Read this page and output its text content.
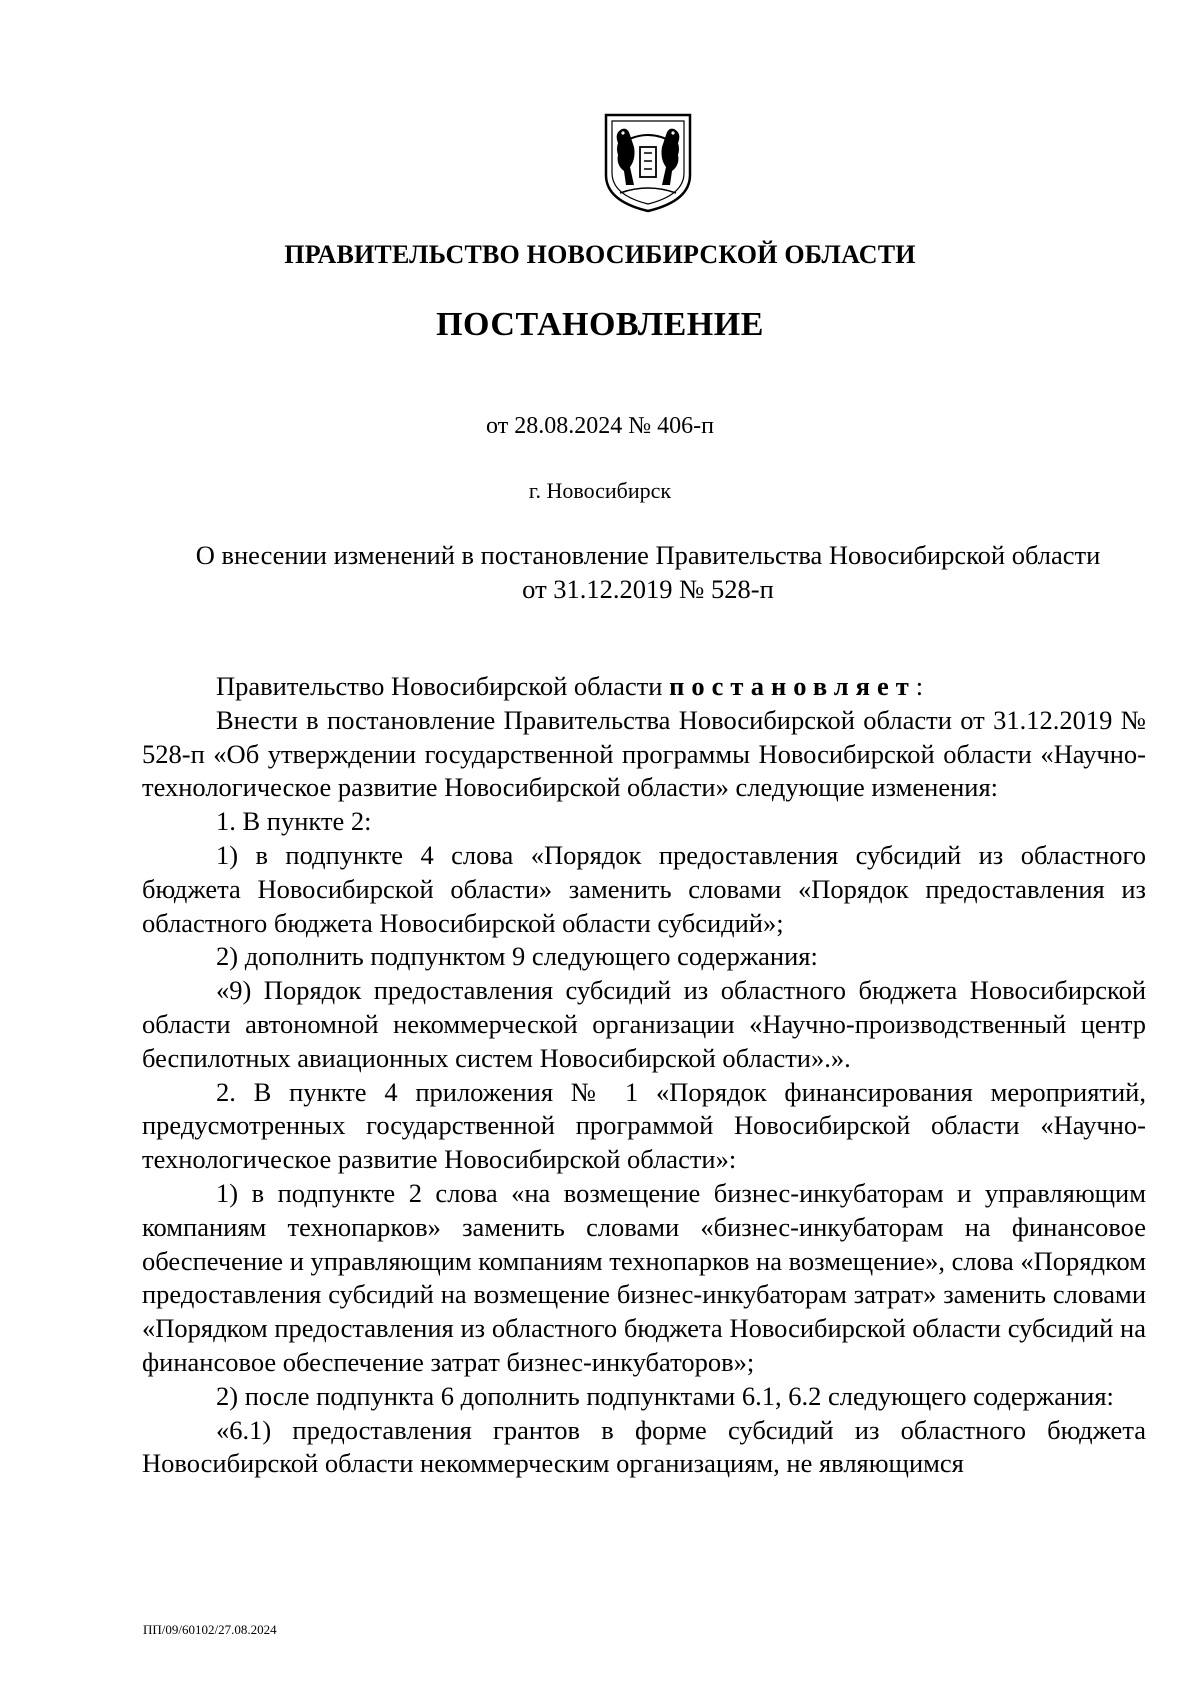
ПРАВИТЕЛЬСТВО НОВОСИБИРСКОЙ ОБЛАСТИ
ПОСТАНОВЛЕНИЕ
от 28.08.2024 № 406-п
г. Новосибирск
О внесении изменений в постановление Правительства Новосибирской области
от 31.12.2019 № 528-п

Правительство Новосибирской области постановляет:

Внести в постановление Правительства Новосибирской области от 31.12.2019 № 528-п «Об утверждении государственной программы Новосибирской области «Научно-технологическое развитие Новосибирской области» следующие изменения:

1. В пункте 2:

1) в подпункте 4 слова «Порядок предоставления субсидий из областного бюджета Новосибирской области» заменить словами «Порядок предоставления из областного бюджета Новосибирской области субсидий»;

2) дополнить подпунктом 9 следующего содержания:

«9) Порядок предоставления субсидий из областного бюджета Новосибирской области автономной некоммерческой организации «Научно-производственный центр беспилотных авиационных систем Новосибирской области».».

2. В пункте 4 приложения № 1 «Порядок финансирования мероприятий, предусмотренных государственной программой Новосибирской области «Научно-технологическое развитие Новосибирской области»:

1) в подпункте 2 слова «на возмещение бизнес-инкубаторам и управляющим компаниям технопарков» заменить словами «бизнес-инкубаторам на финансовое обеспечение и управляющим компаниям технопарков на возмещение», слова «Порядком предоставления субсидий на возмещение бизнес-инкубаторам затрат» заменить словами «Порядком предоставления из областного бюджета Новосибирской области субсидий на финансовое обеспечение затрат бизнес-инкубаторов»;

2) после подпункта 6 дополнить подпунктами 6.1, 6.2 следующего содержания:

«6.1) предоставления грантов в форме субсидий из областного бюджета Новосибирской области некоммерческим организациям, не являющимся

ПП/09/60102/27.08.2024
